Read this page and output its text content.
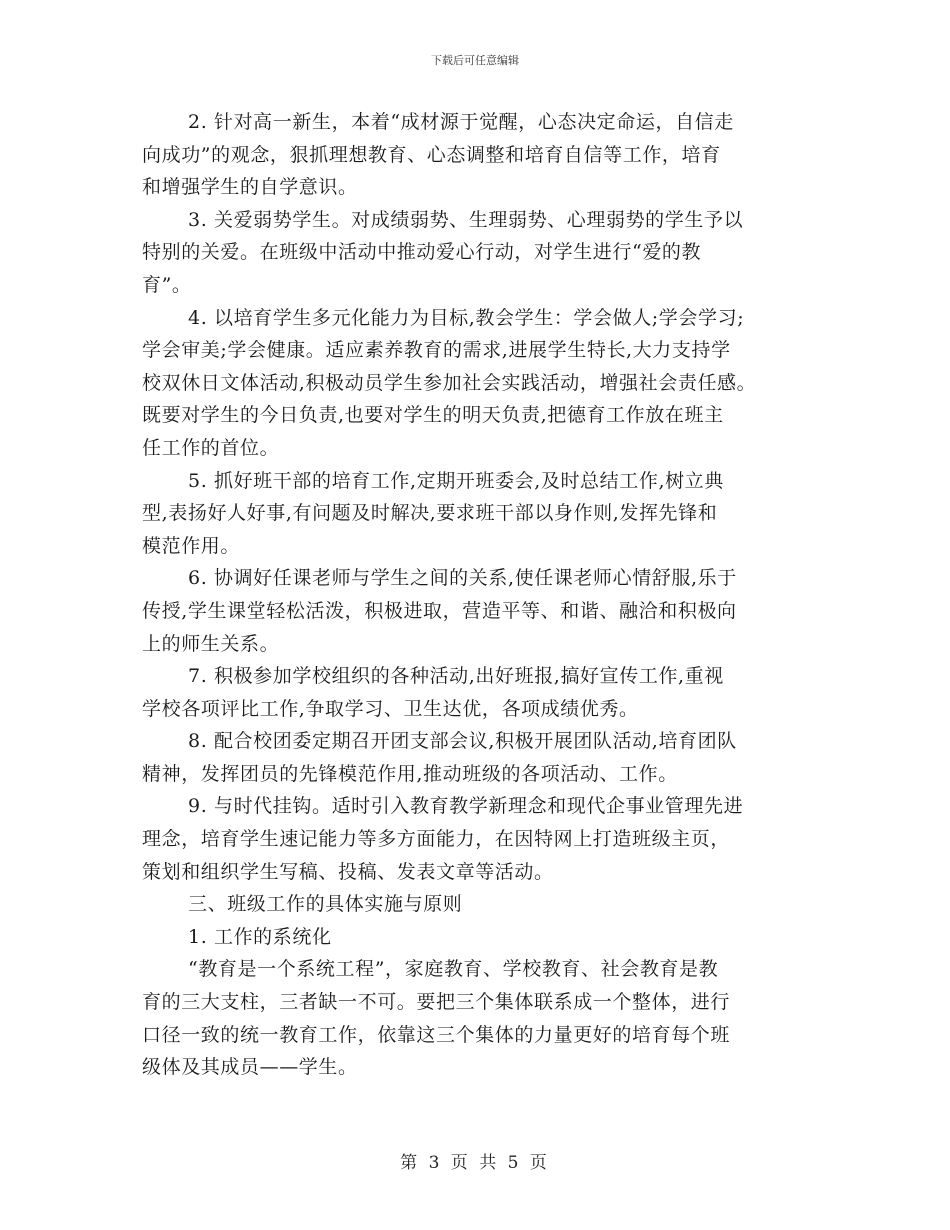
下载后可任意编辑
2. 针对高一新生，本着“成材源于觉醒，心态决定命运，自信走
向成功”的观念，狠抓理想教育、心态调整和培育自信等工作，培育
和增强学生的自学意识。
3. 关爱弱势学生。对成绩弱势、生理弱势、心理弱势的学生予以
特别的关爱。在班级中活动中推动爱心行动，对学生进行“爱的教
育”。
4. 以培育学生多元化能力为目标,教会学生：学会做人;学会学习;
学会审美;学会健康。适应素养教育的需求,进展学生特长,大力支持学
校双休日文体活动,积极动员学生参加社会实践活动，增强社会责任感。
既要对学生的今日负责,也要对学生的明天负责,把德育工作放在班主
任工作的首位。
5. 抓好班干部的培育工作,定期开班委会,及时总结工作,树立典
型,表扬好人好事,有问题及时解决,要求班干部以身作则,发挥先锋和
模范作用。
6. 协调好任课老师与学生之间的关系,使任课老师心情舒服,乐于
传授,学生课堂轻松活泼，积极进取，营造平等、和谐、融洽和积极向
上的师生关系。
7. 积极参加学校组织的各种活动,出好班报,搞好宣传工作,重视
学校各项评比工作,争取学习、卫生达优，各项成绩优秀。
8. 配合校团委定期召开团支部会议,积极开展团队活动,培育团队
精神，发挥团员的先锋模范作用,推动班级的各项活动、工作。
9. 与时代挂钩。适时引入教育教学新理念和现代企事业管理先进
理念，培育学生速记能力等多方面能力，在因特网上打造班级主页，
策划和组织学生写稿、投稿、发表文章等活动。
三、班级工作的具体实施与原则
1. 工作的系统化
“教育是一个系统工程”，家庭教育、学校教育、社会教育是教
育的三大支柱，三者缺一不可。要把三个集体联系成一个整体，进行
口径一致的统一教育工作，依靠这三个集体的力量更好的培育每个班
级体及其成员——学生。
第 3 页 共 5 页
